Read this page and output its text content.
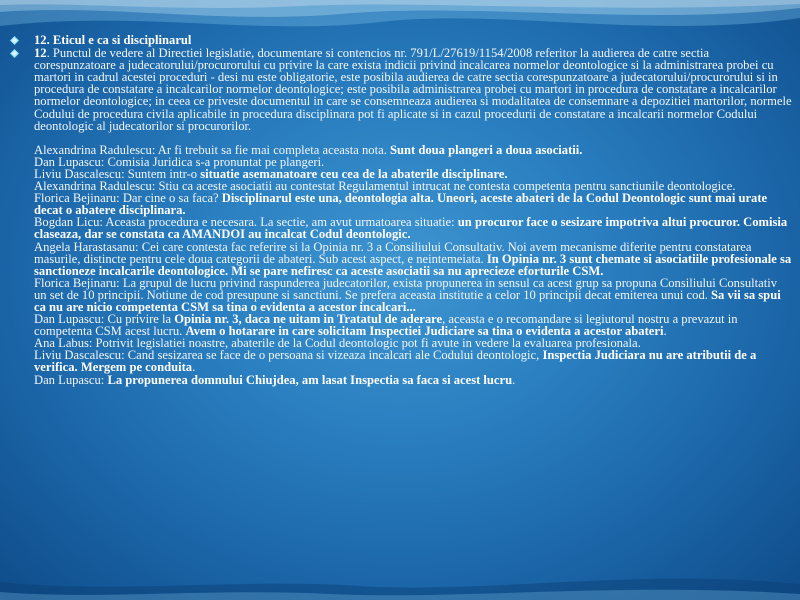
12. Eticul e ca si disciplinarul
12. Punctul de vedere al Directiei legislatie, documentare si contencios nr. 791/L/27619/1154/2008 referitor la audierea de catre sectia corespunzatoare a judecatorului/procurorului cu privire la care exista indicii privind incalcarea normelor deontologice si la administrarea probei cu martori in cadrul acestei proceduri - desi nu este obligatorie, este posibila audierea de catre sectia corespunzatoare a judecatorului/procurorului si in procedura de constatare a incalcarilor normelor deontologice; este posibila administrarea probei cu martori in procedura de constatare a incalcarilor normelor deontologice; in ceea ce priveste documentul in care se consemneaza audierea si modalitatea de consemnare a depozitiei martorilor, normele Codului de procedura civila aplicabile in procedura disciplinara pot fi aplicate si in cazul procedurii de constatare a incalcarii normelor Codului deontologic al judecatorilor si procurorilor.
Alexandrina Radulescu: Ar fi trebuit sa fie mai completa aceasta nota. Sunt doua plangeri a doua asociatii.
Dan Lupascu: Comisia Juridica s-a pronuntat pe plangeri.
Liviu Dascalescu: Suntem intr-o situatie asemanatoare ceu cea de la abaterile disciplinare.
Alexandrina Radulescu: Stiu ca aceste asociatii au contestat Regulamentul intrucat ne contesta competenta pentru sanctiunile deontologice.
Florica Bejinaru: Dar cine o sa faca? Disciplinarul este una, deontologia alta. Uneori, aceste abateri de la Codul Deontologic sunt mai urate decat o abatere disciplinara.
Bogdan Licu: Aceasta procedura e necesara. La sectie, am avut urmatoarea situatie: un procuror face o sesizare impotriva altui procuror. Comisia claseaza, dar se constata ca AMANDOI au incalcat Codul deontologic.
Angela Harastasanu: Cei care contesta fac referire si la Opinia nr. 3 a Consiliului Consultativ. Noi avem mecanisme diferite pentru constatarea masurile, distincte pentru cele doua categorii de abateri. Sub acest aspect, e neintemeiata. In Opinia nr. 3 sunt chemate si asociatiile profesionale sa sanctioneze incalcarile deontologice. Mi se pare nefiresc ca aceste asociatii sa nu aprecieze eforturile CSM.
Florica Bejinaru: La grupul de lucru privind raspunderea judecatorilor, exista propunerea in sensul ca acest grup sa propuna Consiliului Consultativ un set de 10 principii. Notiune de cod presupune si sanctiuni. Se prefera aceasta institutie a celor 10 principii decat emiterea unui cod. Sa vii sa spui ca nu are nicio competenta CSM sa tina o evidenta a acestor incalcari...
Dan Lupascu: Cu privire la Opinia nr. 3, daca ne uitam in Tratatul de aderare, aceasta e o recomandare si legiutorul nostru a prevazut in competenta CSM acest lucru. Avem o hotarare in care solicitam Inspectiei Judiciare sa tina o evidenta a acestor abateri.
Ana Labus: Potrivit legislatiei noastre, abaterile de la Codul deontologic pot fi avute in vedere la evaluarea profesionala.
Liviu Dascalescu: Cand sesizarea se face de o persoana si vizeaza incalcari ale Codului deontologic, Inspectia Judiciara nu are atributii de a verifica. Mergem pe conduita.
Dan Lupascu: La propunerea domnului Chiujdea, am lasat Inspectia sa faca si acest lucru.
